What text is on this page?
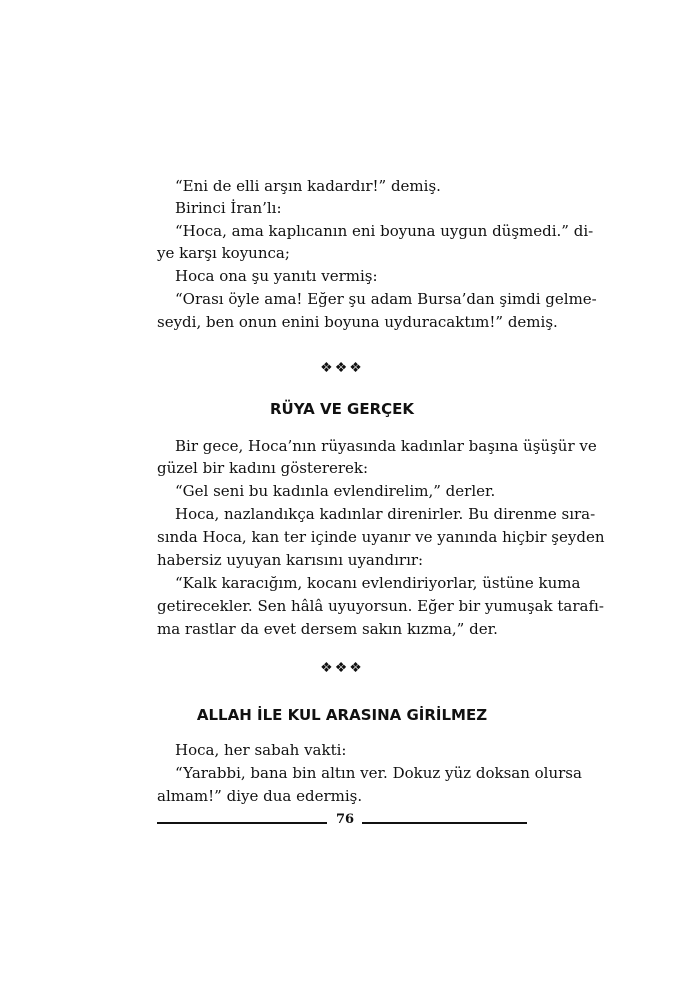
“Eni de elli arşın kadardır!” demiş.
Birinci İran’lı:
“Hoca, ama kaplıcanın eni boyuna uygun düşmedi.” di-
ye karşı koyunca;
Hoca ona şu yanıtı vermiş:
“Orası öyle ama! Eğer şu adam Bursa’dan şimdi gelme-
seydi, ben onun enini boyuna uyduracaktım!” demiş.
❖❖❖
RÜYA VE GERÇEK
Bir gece, Hoca’nın rüyasında kadınlar başına üşüşür ve
güzel bir kadını göstererek:
“Gel seni bu kadınla evlendirelim,” derler.
Hoca, nazlandıkça kadınlar direnirler. Bu direnme sıra-
sında Hoca, kan ter içinde uyanır ve yanında hiçbir şeyden
habersiz uyuyan karısını uyandırır:
“Kalk karacığım, kocanı evlendiriyorlar, üstüne kuma
getirecekler. Sen hâlâ uyuyorsun. Eğer bir yumuşak tarafı-
ma rastlar da evet dersem sakın kızma,” der.
❖❖❖
ALLAH İLE KUL ARASINA GİRİLMEZ
Hoca, her sabah vakti:
“Yarabbi, bana bin altın ver. Dokuz yüz doksan olursa
almam!” diye dua edermiş.
76
